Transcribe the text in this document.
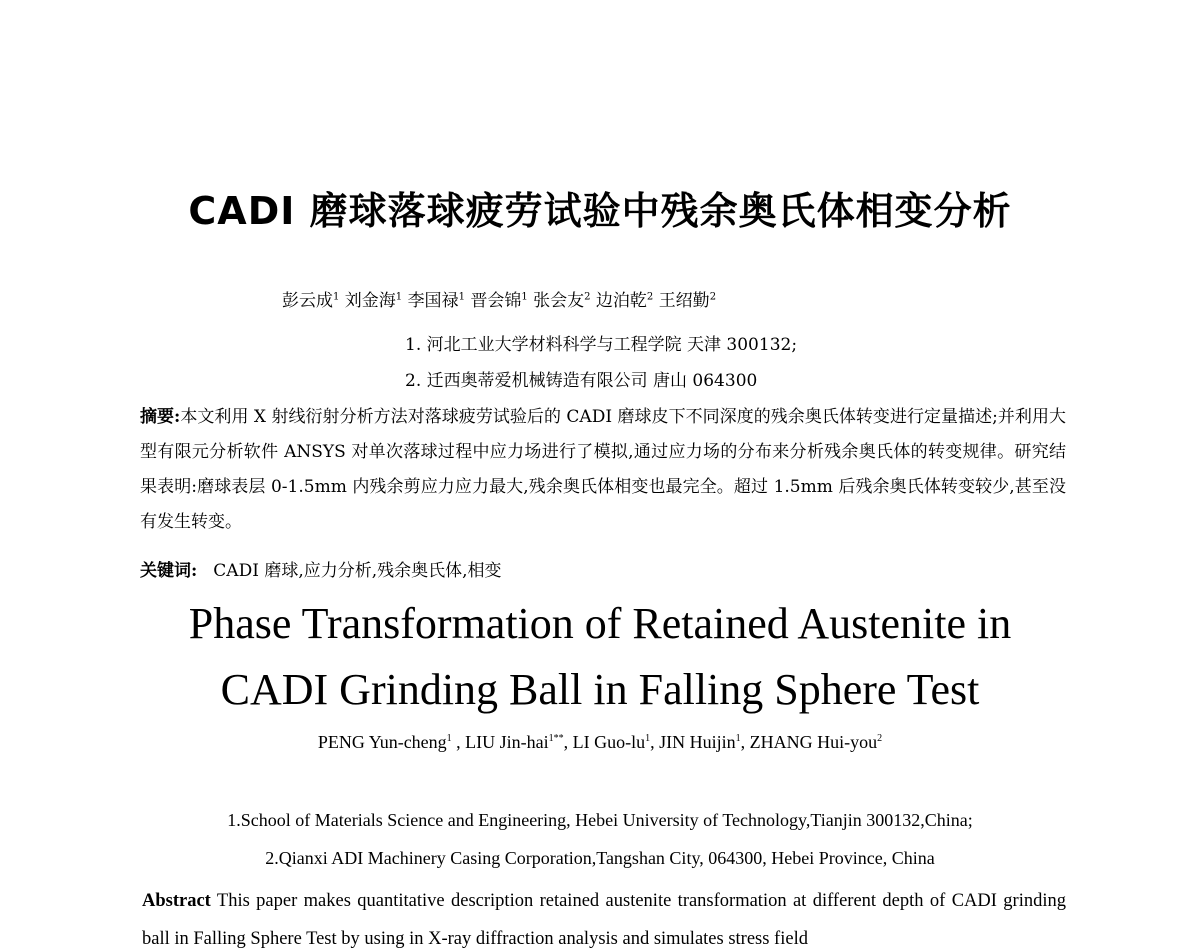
CADI 磨球落球疲劳试验中残余奥氏体相变分析
彭云成$^1$ 刘金海$^1$ 李国禄$^1$ 晋会锦$^1$ 张会友$^2$ 边泊乾$^2$ 王绍勤$^2$
1. 河北工业大学材料科学与工程学院 天津 300132;
2. 迁西奥蒂爱机械铸造有限公司 唐山 064300
摘要:本文利用 X 射线衍射分析方法对落球疲劳试验后的 CADI 磨球皮下不同深度的残余奥氏体转变进行定量描述;并利用大型有限元分析软件 ANSYS 对单次落球过程中应力场进行了模拟,通过应力场的分布来分析残余奥氏体的转变规律。研究结果表明:磨球表层 0-1.5mm 内残余剪应力应力最大,残余奥氏体相变也最完全。超过 1.5mm 后残余奥氏体转变较少,甚至没有发生转变。
关键词: CADI 磨球,应力分析,残余奥氏体,相变
Phase Transformation of Retained Austenite in
CADI Grinding Ball in Falling Sphere Test
PENG Yun-cheng$^1$ , LIU Jin-hai$^{1**}$, LI Guo-$lu^1$, JIN Huijin$^1$, ZHANG Hui-you$^2$
1.School of Materials Science and Engineering, Hebei University of Technology,Tianjin 300132,China;
2.Qianxi ADI Machinery Casing Corporation,Tangshan City, 064300, Hebei Province, China
Abstract This paper makes quantitative description retained austenite transformation at different depth of CADI grinding ball in Falling Sphere Test by using in X-ray diffraction analysis and simulates stress field
